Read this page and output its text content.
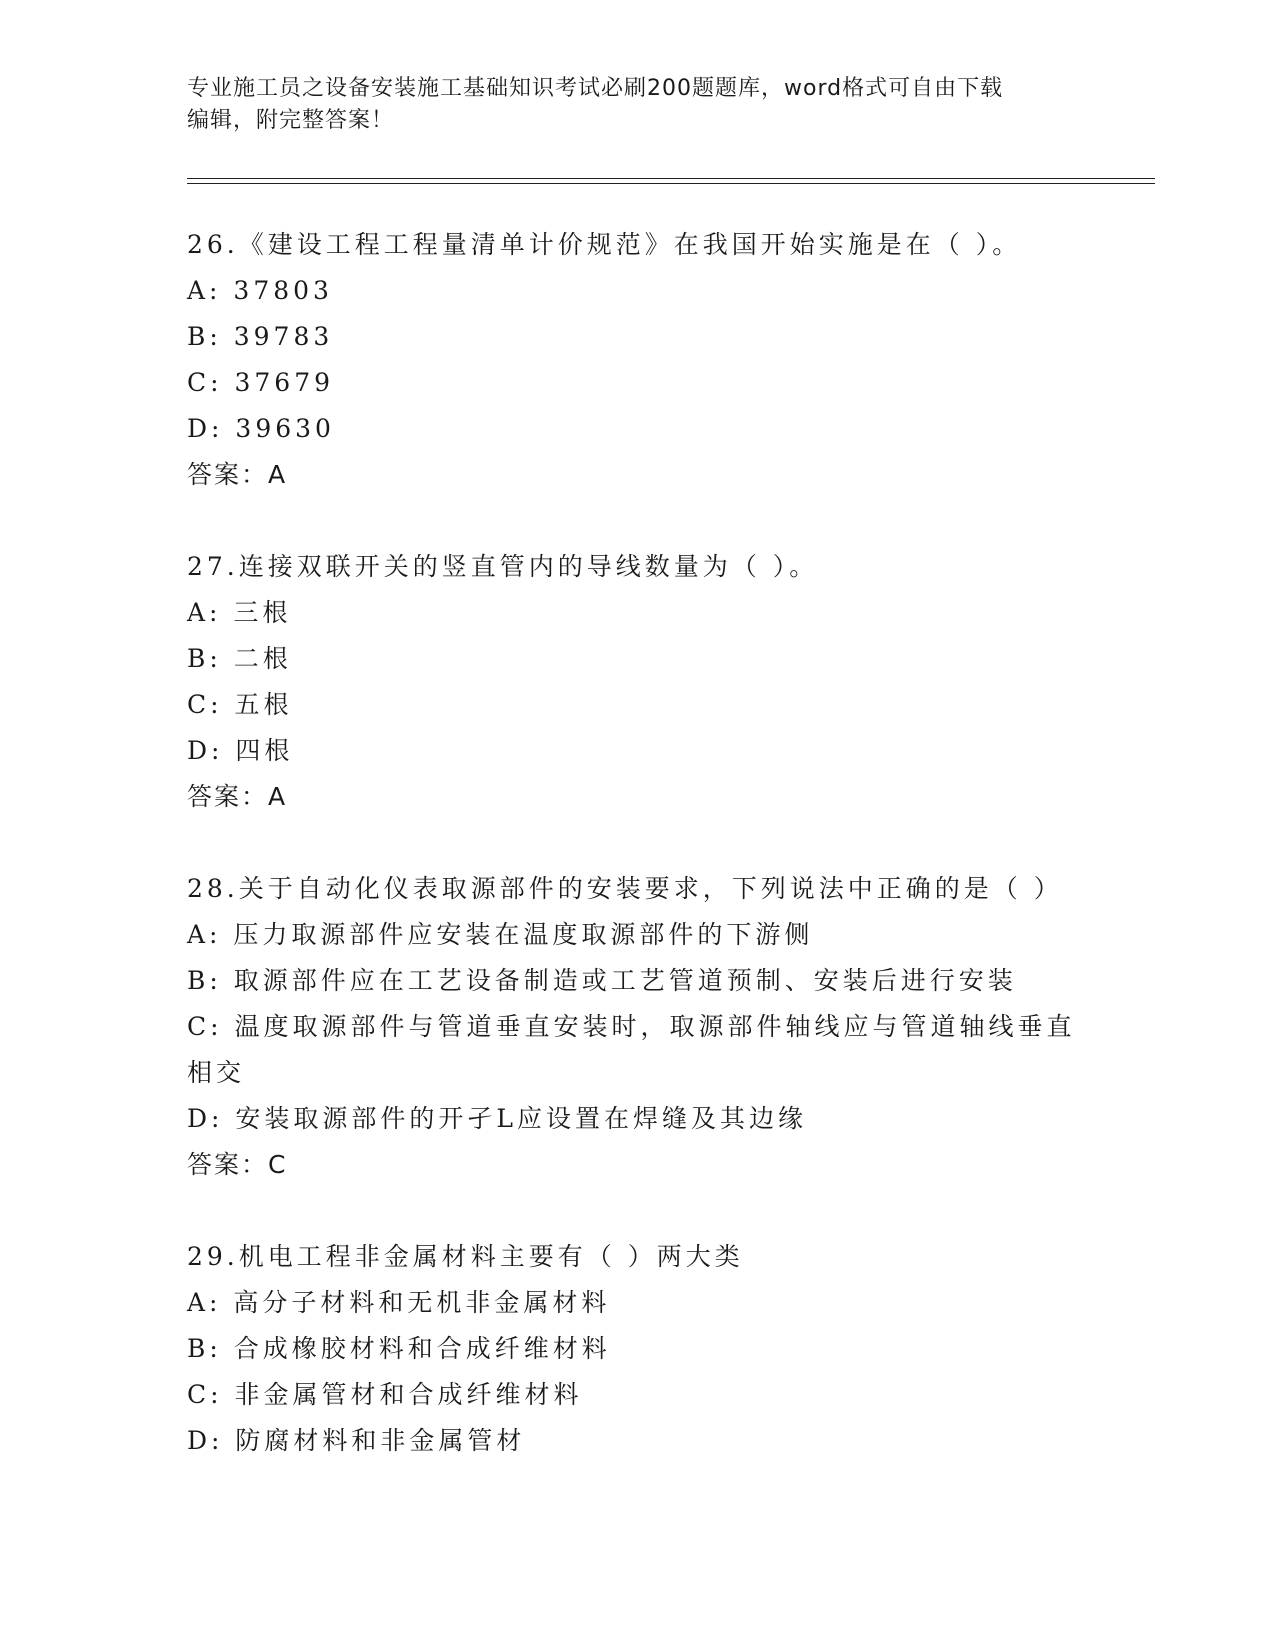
专业施工员之设备安装施工基础知识考试必刷200题题库，word格式可自由下载
编辑，附完整答案！
26.《建设工程工程量清单计价规范》在我国开始实施是在（ ）。
A: 37803
B: 39783
C: 37679
D: 39630
答案：A
27.连接双联开关的竖直管内的导线数量为（ ）。
A: 三根
B: 二根
C: 五根
D: 四根
答案：A
28.关于自动化仪表取源部件的安装要求，下列说法中正确的是（ ）
A: 压力取源部件应安装在温度取源部件的下游侧
B: 取源部件应在工艺设备制造或工艺管道预制、安装后进行安装
C: 温度取源部件与管道垂直安装时，取源部件轴线应与管道轴线垂直相交
D: 安装取源部件的开孑L应设置在焊缝及其边缘
答案：C
29.机电工程非金属材料主要有（ ）两大类
A: 高分子材料和无机非金属材料
B: 合成橡胶材料和合成纤维材料
C: 非金属管材和合成纤维材料
D: 防腐材料和非金属管材
